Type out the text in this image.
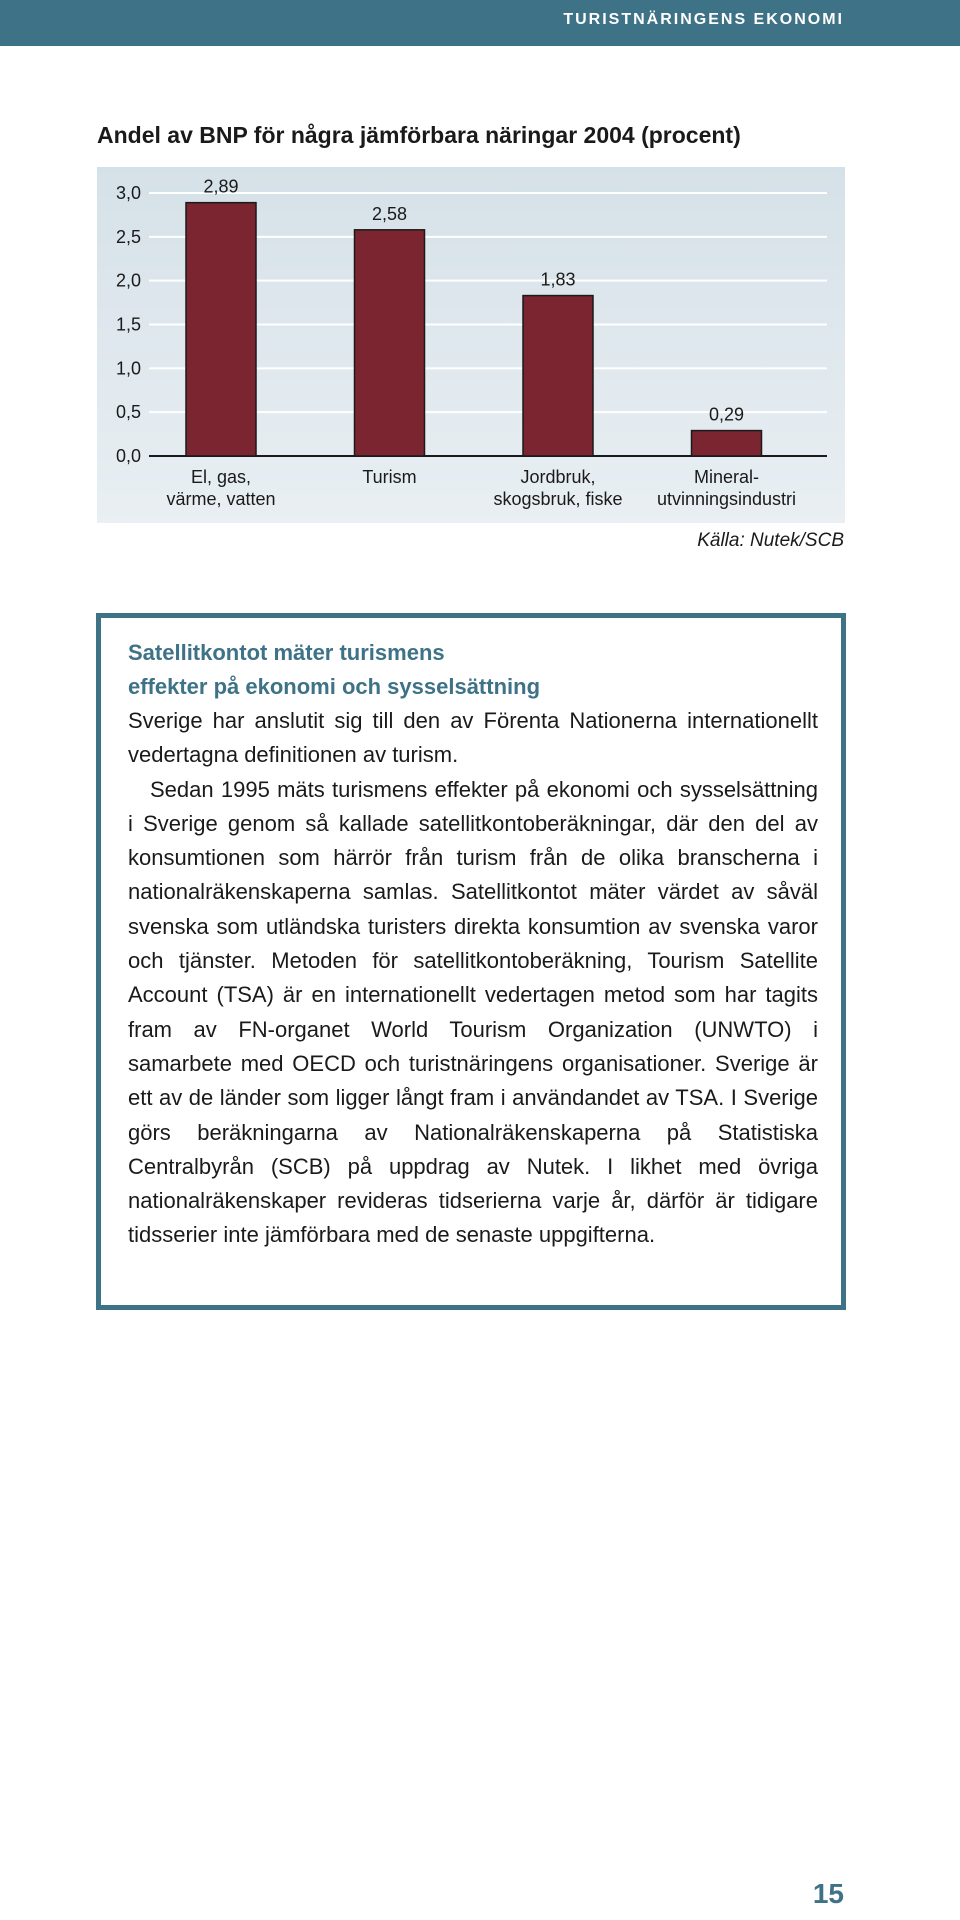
TURISTNÄRINGENS EKONOMI
Andel av BNP för några jämförbara näringar 2004 (procent)
0,0
0,5
1,0
1,5
2,0
2,5
3,0	2,89
2,58
1,83
0,29
El, gas,
värme, vatten
Turism	Jordbruk,
skogsbruk, fiske
Mineral-
utvinningsindustri
Källa: Nutek/SCB
Satellitkontot mäter turismens
effekter på ekonomi och sysselsättning

Sverige har anslutit sig till den av Förenta Nationerna internationellt vedertagna definitionen av turism.

Sedan 1995 mäts turismens effekter på ekonomi och sysselsättning i Sverige genom så kallade satellitkontoberäkningar, där den del av konsumtionen som härrör från turism från de olika branscherna i nationalräkenskaperna samlas. Satellitkontot mäter värdet av såväl svenska som utländska turisters direkta konsumtion av svenska varor och tjänster. Metoden för satellitkontoberäkning, Tourism Satellite Account (TSA) är en internationellt vedertagen metod som har tagits fram av FN-organet World Tourism Organization (UNWTO) i samarbete med OECD och turistnäringens organisationer. Sverige är ett av de länder som ligger långt fram i användandet av TSA. I Sverige görs beräkningarna av Nationalräkenskaperna på Statistiska Centralbyrån (SCB) på uppdrag av Nutek. I likhet med övriga nationalräkenskaper revideras tidserierna varje år, därför är tidigare tidsserier inte jämförbara med de senaste uppgifterna.

15
